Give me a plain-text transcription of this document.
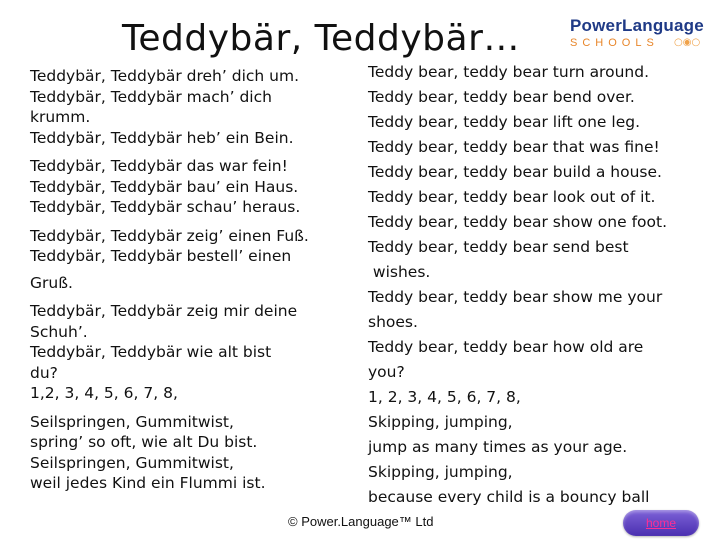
Teddybär, Teddybär…	PowerLanguage
SCHOOLS	○◉○
Teddybär, Teddybär dreh’ dich um.
Teddybär, Teddybär mach’ dich
krumm.
Teddybär, Teddybär heb’ ein Bein.
Teddybär, Teddybär das war fein!
Teddybär, Teddybär bau’ ein Haus.
Teddybär, Teddybär schau’ heraus.
Teddybär, Teddybär zeig’ einen Fuß.
Teddybär, Teddybär bestell’ einen
Gruß.
Teddybär, Teddybär zeig mir deine
Schuh’.
Teddybär, Teddybär wie alt bist
du?
1,2, 3, 4, 5, 6, 7, 8,
Seilspringen, Gummitwist,
spring’ so oft, wie alt Du bist.
Seilspringen, Gummitwist,
weil jedes Kind ein Flummi ist.
Teddy bear, teddy bear turn around.
Teddy bear, teddy bear bend over.
Teddy bear, teddy bear lift one leg.
Teddy bear, teddy bear that was fine!
Teddy bear, teddy bear build a house.
Teddy bear, teddy bear look out of it.
Teddy bear, teddy bear show one foot.
Teddy bear, teddy bear send best
wishes.
Teddy bear, teddy bear show me your
shoes.
Teddy bear, teddy bear how old are
you?
1, 2, 3, 4, 5, 6, 7, 8,
Skipping, jumping,
jump as many times as your age.
Skipping, jumping,
because every child is a bouncy ball
© Power.Language™ Ltd	home
